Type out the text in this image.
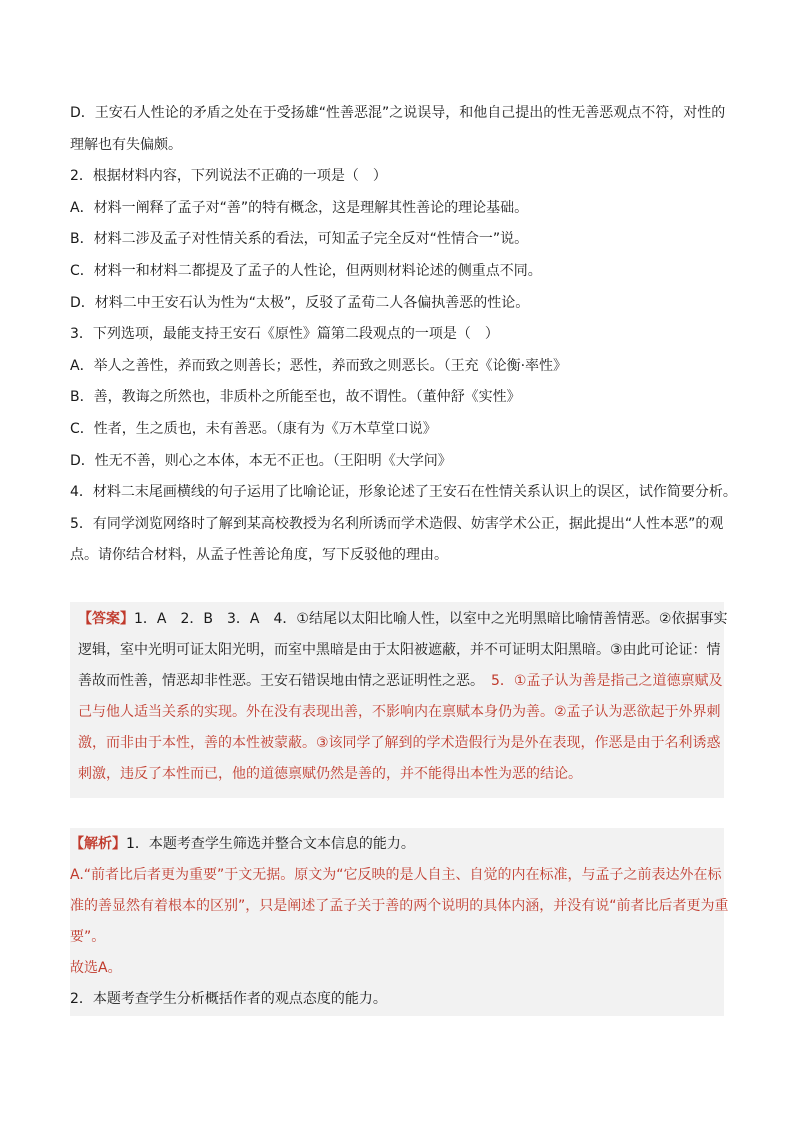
D．王安石人性论的矛盾之处在于受扬雄“性善恶混”之说误导，和他自己提出的性无善恶观点不符，对性的
理解也有失偏颇。
2．根据材料内容，下列说法不正确的一项是（　）
A．材料一阐释了孟子对“善”的特有概念，这是理解其性善论的理论基础。
B．材料二涉及孟子对性情关系的看法，可知孟子完全反对“性情合一”说。
C．材料一和材料二都提及了孟子的人性论，但两则材料论述的侧重点不同。
D．材料二中王安石认为性为“太极”，反驳了孟荀二人各偏执善恶的性论。
3．下列选项，最能支持王安石《原性》篇第二段观点的一项是（　）
A．举人之善性，养而致之则善长；恶性，养而致之则恶长。（王充《论衡·率性》
B．善，教诲之所然也，非质朴之所能至也，故不谓性。（董仲舒《实性》
C．性者，生之质也，未有善恶。（康有为《万木草堂口说》
D．性无不善，则心之本体，本无不正也。（王阳明《大学问》
4．材料二末尾画横线的句子运用了比喻论证，形象论述了王安石在性情关系认识上的误区，试作简要分析。
5．有同学浏览网络时了解到某高校教授为名利所诱而学术造假、妨害学术公正，据此提出“人性本恶”的观
点。请你结合材料，从孟子性善论角度，写下反驳他的理由。
【答案】1．A　2．B　3．A　4．①结尾以太阳比喻人性，以室中之光明黑暗比喻情善情恶。②依据事实
逻辑，室中光明可证太阳光明，而室中黑暗是由于太阳被遮蔽，并不可证明太阳黑暗。③由此可论证：情
善故而性善，情恶却非性恶。王安石错误地由情之恶证明性之恶。　5．①孟子认为善是指己之道德禀赋及
己与他人适当关系的实现。外在没有表现出善，不影响内在禀赋本身仍为善。②孟子认为恶欲起于外界刺
激，而非由于本性，善的本性被蒙蔽。③该同学了解到的学术造假行为是外在表现，作恶是由于名利诱惑
刺激，违反了本性而已，他的道德禀赋仍然是善的，并不能得出本性为恶的结论。
【解析】1．本题考查学生筛选并整合文本信息的能力。
A.“前者比后者更为重要”于文无据。原文为“它反映的是人自主、自觉的内在标准，与孟子之前表达外在标
准的善显然有着根本的区别”，只是阐述了孟子关于善的两个说明的具体内涵，并没有说“前者比后者更为重
要”。
故选A。
2．本题考查学生分析概括作者的观点态度的能力。
